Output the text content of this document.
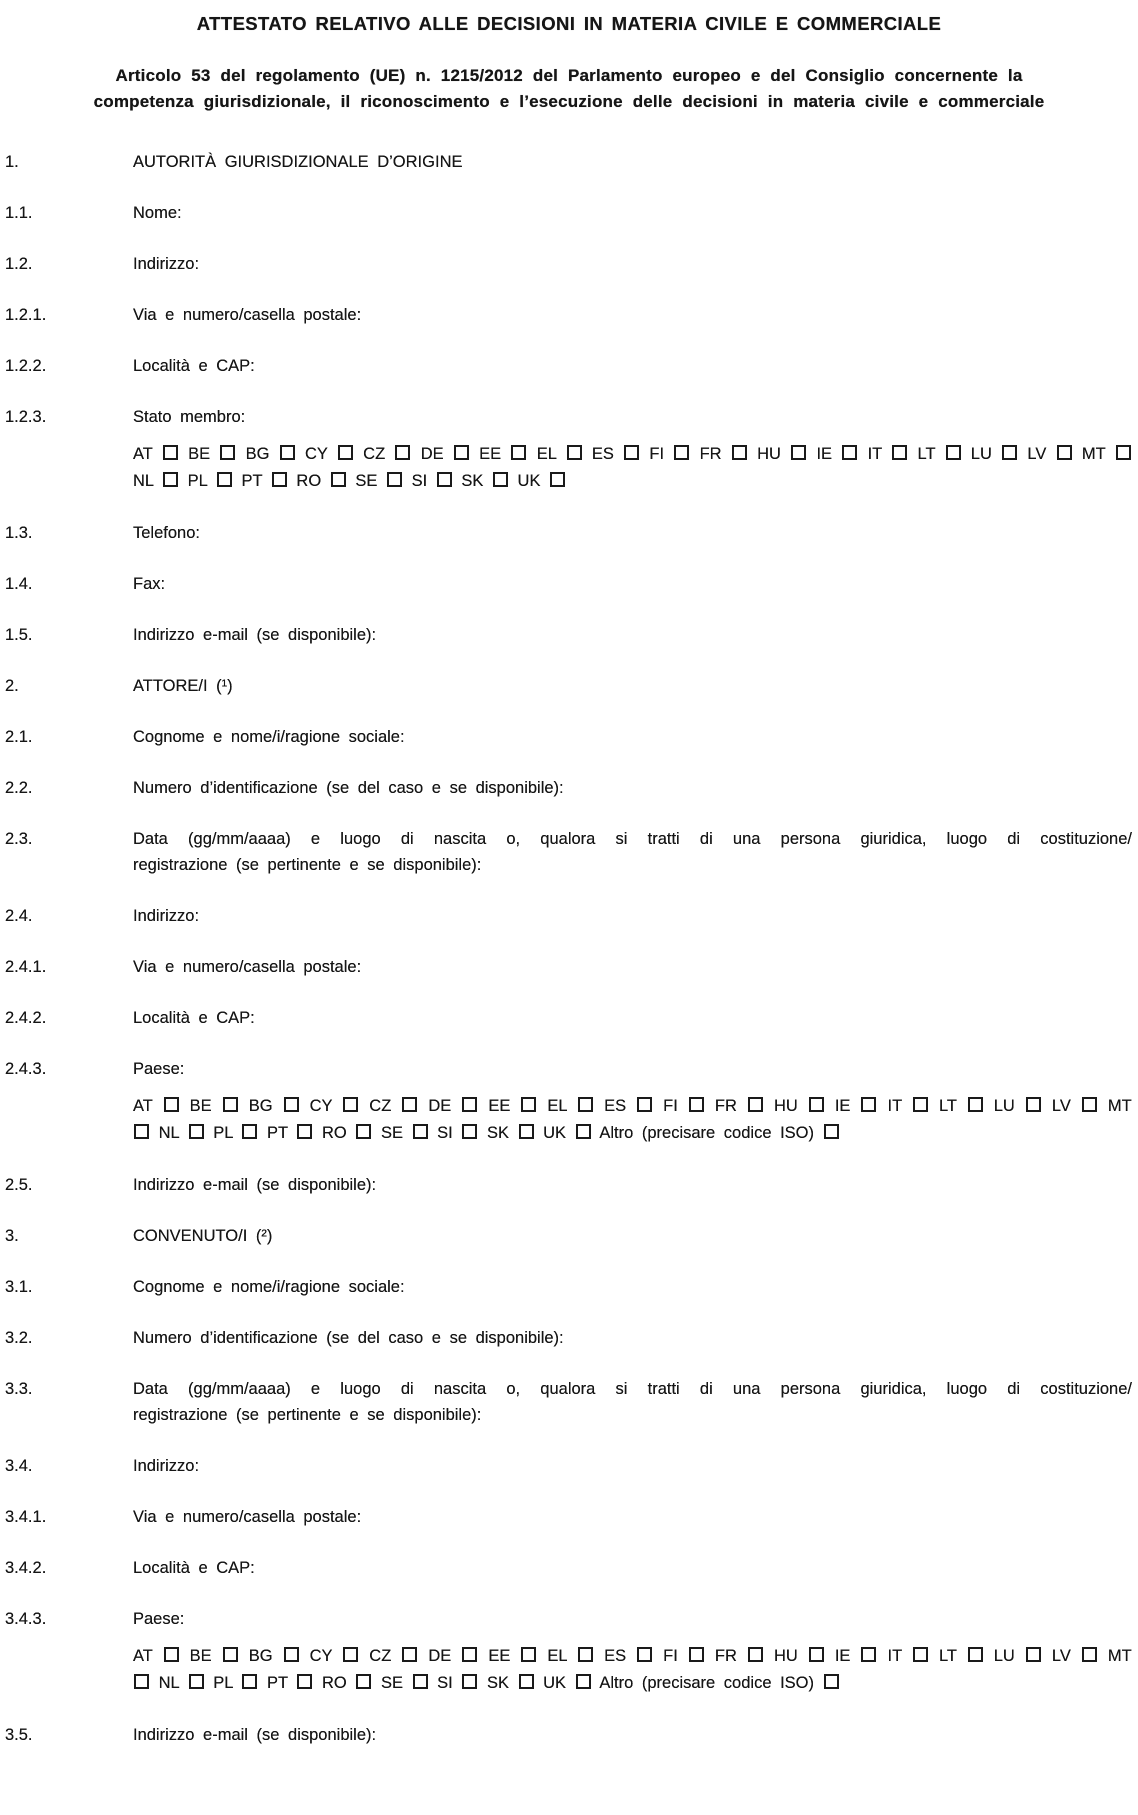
ATTESTATO RELATIVO ALLE DECISIONI IN MATERIA CIVILE E COMMERCIALE
Articolo 53 del regolamento (UE) n. 1215/2012 del Parlamento europeo e del Consiglio concernente la
competenza giurisdizionale, il riconoscimento e l’esecuzione delle decisioni in materia civile e commerciale
1.	AUTORITÀ GIURISDIZIONALE D’ORIGINE
1.1.	Nome:
1.2.	Indirizzo:
1.2.1.	Via e numero/casella postale:
1.2.2.	Località e CAP:
1.2.3.	Stato membro:
AT BE BG CY CZ DE EE EL ES FI FR HU IE IT LT LU LV MT
NL PL PT RO SE SI SK UK
1.3.	Telefono:
1.4.	Fax:
1.5.	Indirizzo e-mail (se disponibile):
2.	ATTORE/I (¹)
2.1.	Cognome e nome/i/ragione sociale:
2.2.	Numero d’identificazione (se del caso e se disponibile):
2.3.	Data (gg/mm/aaaa) e luogo di nascita o, qualora si tratti di una persona giuridica, luogo di costituzione/
registrazione (se pertinente e se disponibile):
2.4.	Indirizzo:
2.4.1.	Via e numero/casella postale:
2.4.2.	Località e CAP:
2.4.3.	Paese:
AT BE BG CY CZ DE EE EL ES FI FR HU IE IT LT LU LV MT
NL PL PT RO SE SI SK UK Altro (precisare codice ISO)
2.5.	Indirizzo e-mail (se disponibile):
3.	CONVENUTO/I (²)
3.1.	Cognome e nome/i/ragione sociale:
3.2.	Numero d’identificazione (se del caso e se disponibile):
3.3.	Data (gg/mm/aaaa) e luogo di nascita o, qualora si tratti di una persona giuridica, luogo di costituzione/
registrazione (se pertinente e se disponibile):
3.4.	Indirizzo:
3.4.1.	Via e numero/casella postale:
3.4.2.	Località e CAP:
3.4.3.	Paese:
AT BE BG CY CZ DE EE EL ES FI FR HU IE IT LT LU LV MT
NL PL PT RO SE SI SK UK Altro (precisare codice ISO)
3.5.	Indirizzo e-mail (se disponibile):
